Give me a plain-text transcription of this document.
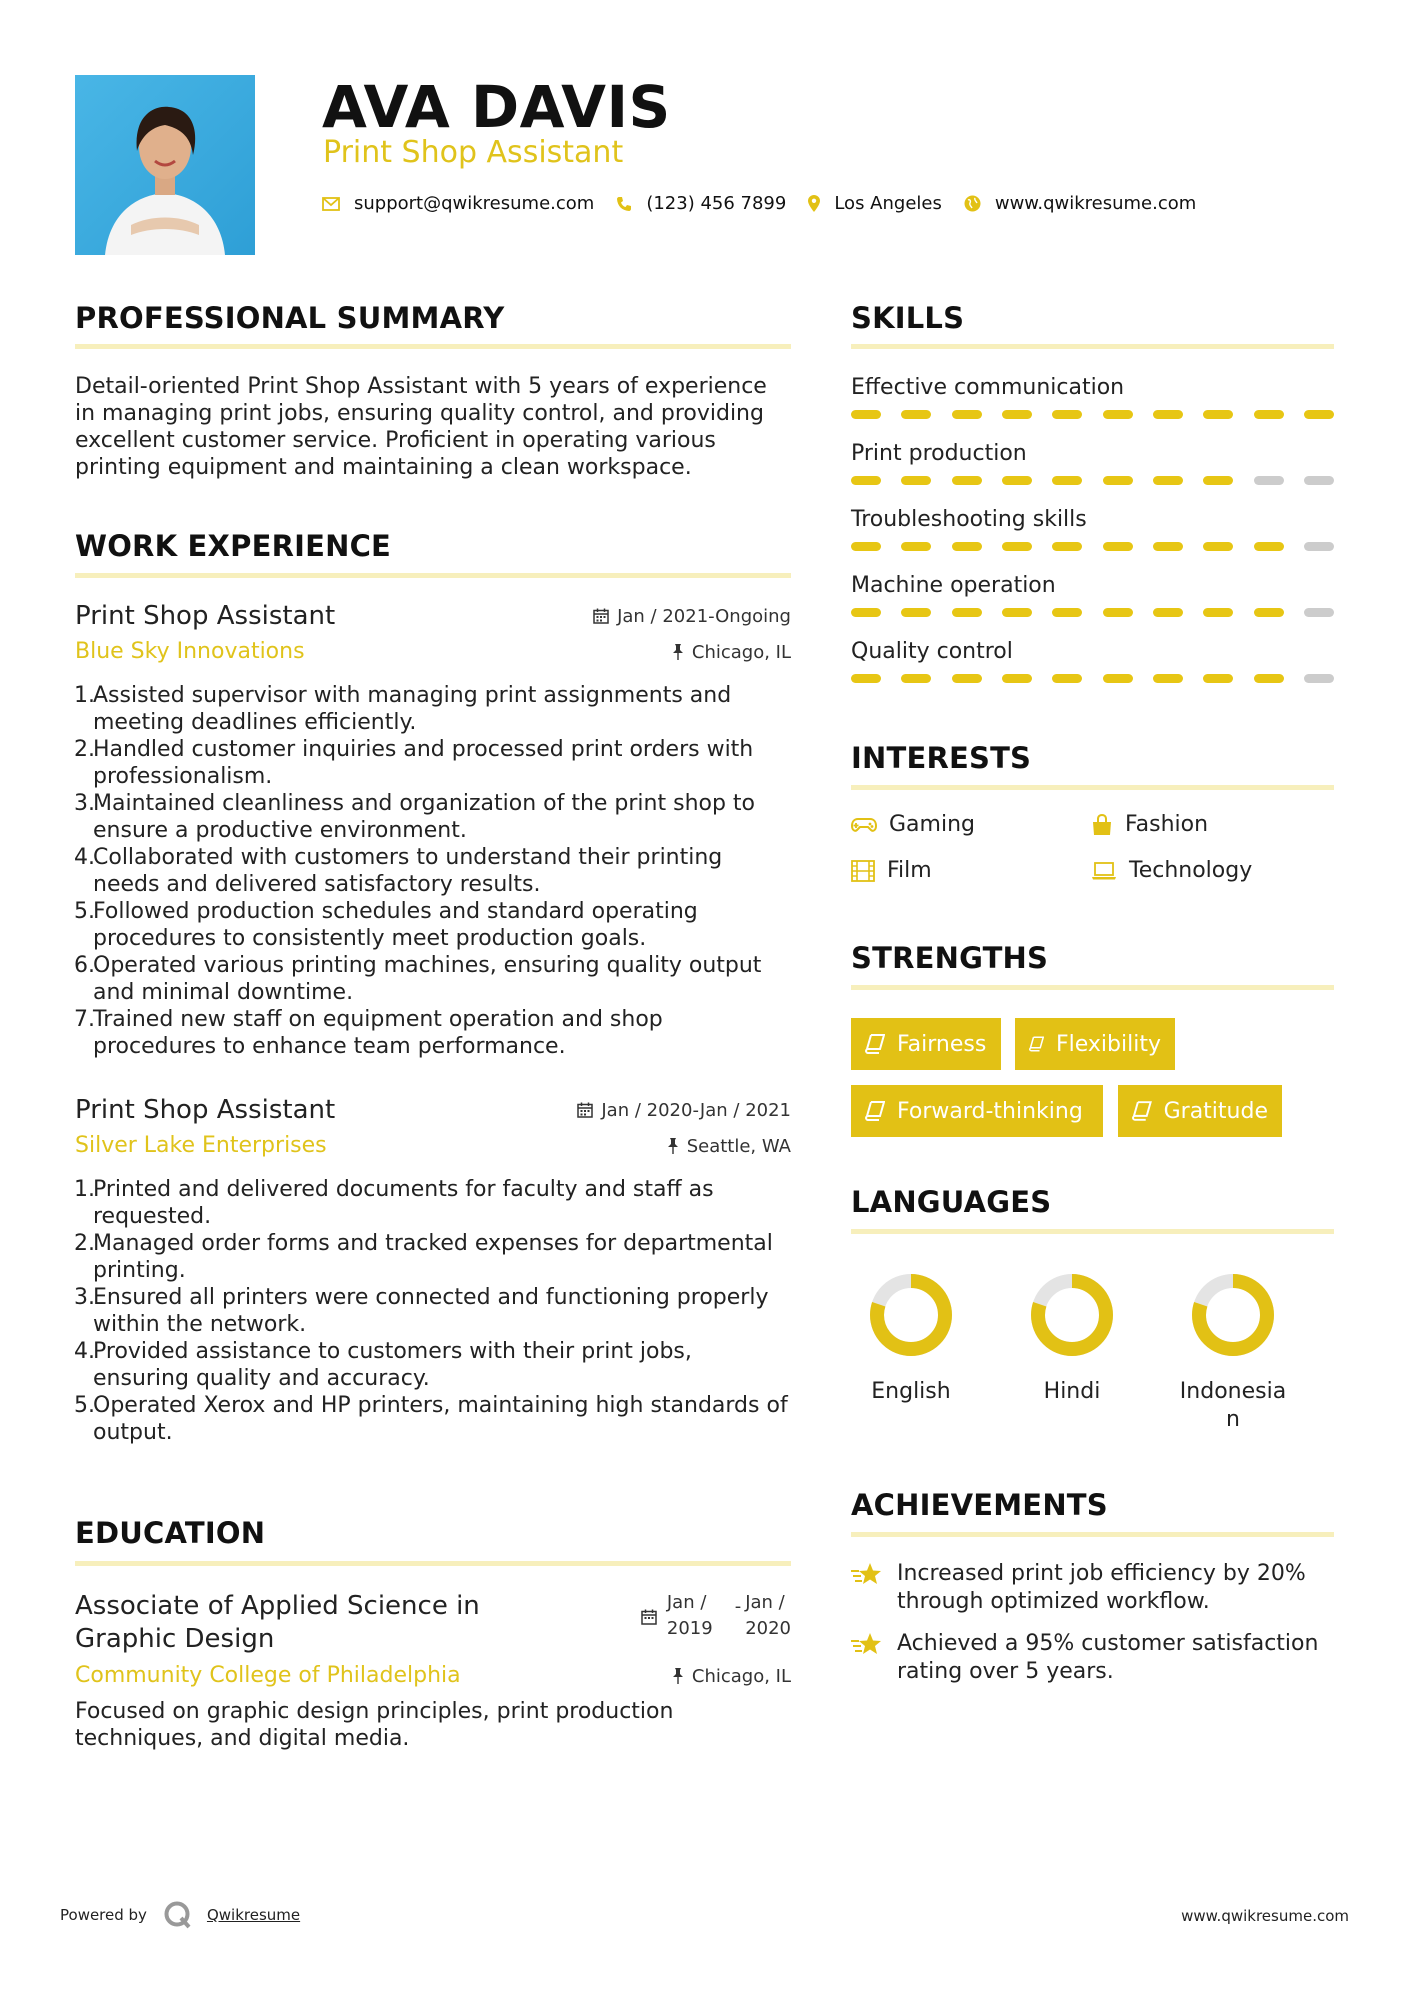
AVA DAVIS
Print Shop Assistant
support@qwikresume.com	(123) 456 7899	Los Angeles	www.qwikresume.com
PROFESSIONAL SUMMARY
Detail-oriented Print Shop Assistant with 5 years of experience in managing print jobs, ensuring quality control, and providing excellent customer service. Proficient in operating various printing equipment and maintaining a clean workspace.
WORK EXPERIENCE
Print Shop Assistant	Jan / 2021-Ongoing
Blue Sky Innovations	Chicago, IL
Assisted supervisor with managing print assignments and meeting deadlines efficiently.
Handled customer inquiries and processed print orders with professionalism.
Maintained cleanliness and organization of the print shop to ensure a productive environment.
Collaborated with customers to understand their printing needs and delivered satisfactory results.
Followed production schedules and standard operating procedures to consistently meet production goals.
Operated various printing machines, ensuring quality output and minimal downtime.
Trained new staff on equipment operation and shop procedures to enhance team performance.
Print Shop Assistant	Jan / 2020-Jan / 2021
Silver Lake Enterprises	Seattle, WA
Printed and delivered documents for faculty and staff as requested.
Managed order forms and tracked expenses for departmental printing.
Ensured all printers were connected and functioning properly within the network.
Provided assistance to customers with their print jobs, ensuring quality and accuracy.
Operated Xerox and HP printers, maintaining high standards of output.
EDUCATION
Associate of Applied Science in
Graphic Design
Jan /
2019
- Jan /
2020
Community College of Philadelphia	Chicago, IL
Focused on graphic design principles, print production techniques, and digital media.
SKILLS
Effective communication
Print production
Troubleshooting skills
Machine operation
Quality control
INTERESTS
Gaming	Fashion
Film	Technology
STRENGTHS
Fairness	Flexibility
Forward-thinking	Gratitude
LANGUAGES
English	Hindi	Indonesia
n
ACHIEVEMENTS
Increased print job efficiency by 20% through optimized workflow.
Achieved a 95% customer satisfaction rating over 5 years.
Powered by	Qwikresume	www.qwikresume.com
